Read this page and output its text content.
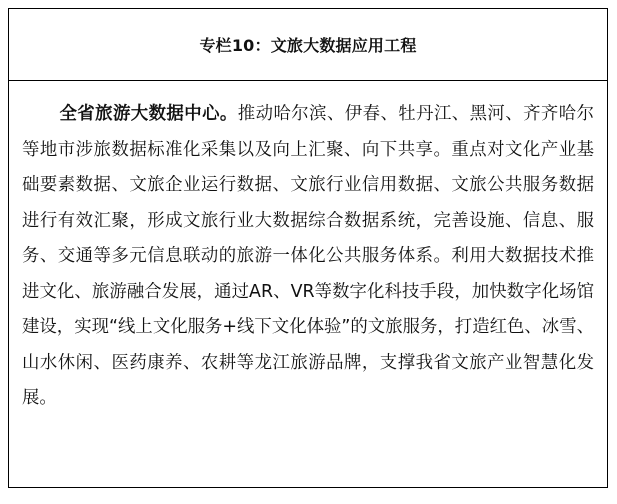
专栏10：文旅大数据应用工程
全省旅游大数据中心。推动哈尔滨、伊春、牡丹江、黑河、齐齐哈尔等地市涉旅数据标准化采集以及向上汇聚、向下共享。重点对文化产业基础要素数据、文旅企业运行数据、文旅行业信用数据、文旅公共服务数据进行有效汇聚，形成文旅行业大数据综合数据系统，完善设施、信息、服务、交通等多元信息联动的旅游一体化公共服务体系。利用大数据技术推进文化、旅游融合发展，通过AR、VR等数字化科技手段，加快数字化场馆建设，实现“线上文化服务+线下文化体验”的文旅服务，打造红色、冰雪、山水休闲、医药康养、农耕等龙江旅游品牌，支撑我省文旅产业智慧化发展。
